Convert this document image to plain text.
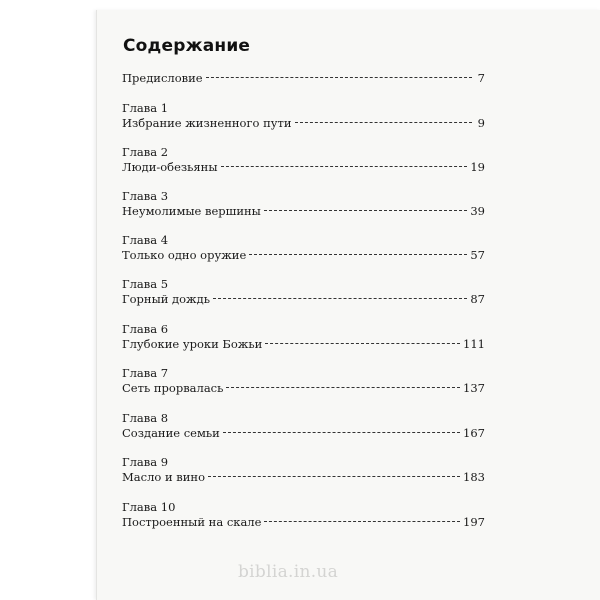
Содержание
Предисловие	7
Глава 1
Избрание жизненного пути	9
Глава 2
Люди-обезьяны	19
Глава 3
Неумолимые вершины	39
Глава 4
Только одно оружие	57
Глава 5
Горный дождь	87
Глава 6
Глубокие уроки Божьи	111
Глава 7
Сеть прорвалась	137
Глава 8
Создание семьи	167
Глава 9
Масло и вино	183
Глава 10
Построенный на скале	197
biblia.in.ua
